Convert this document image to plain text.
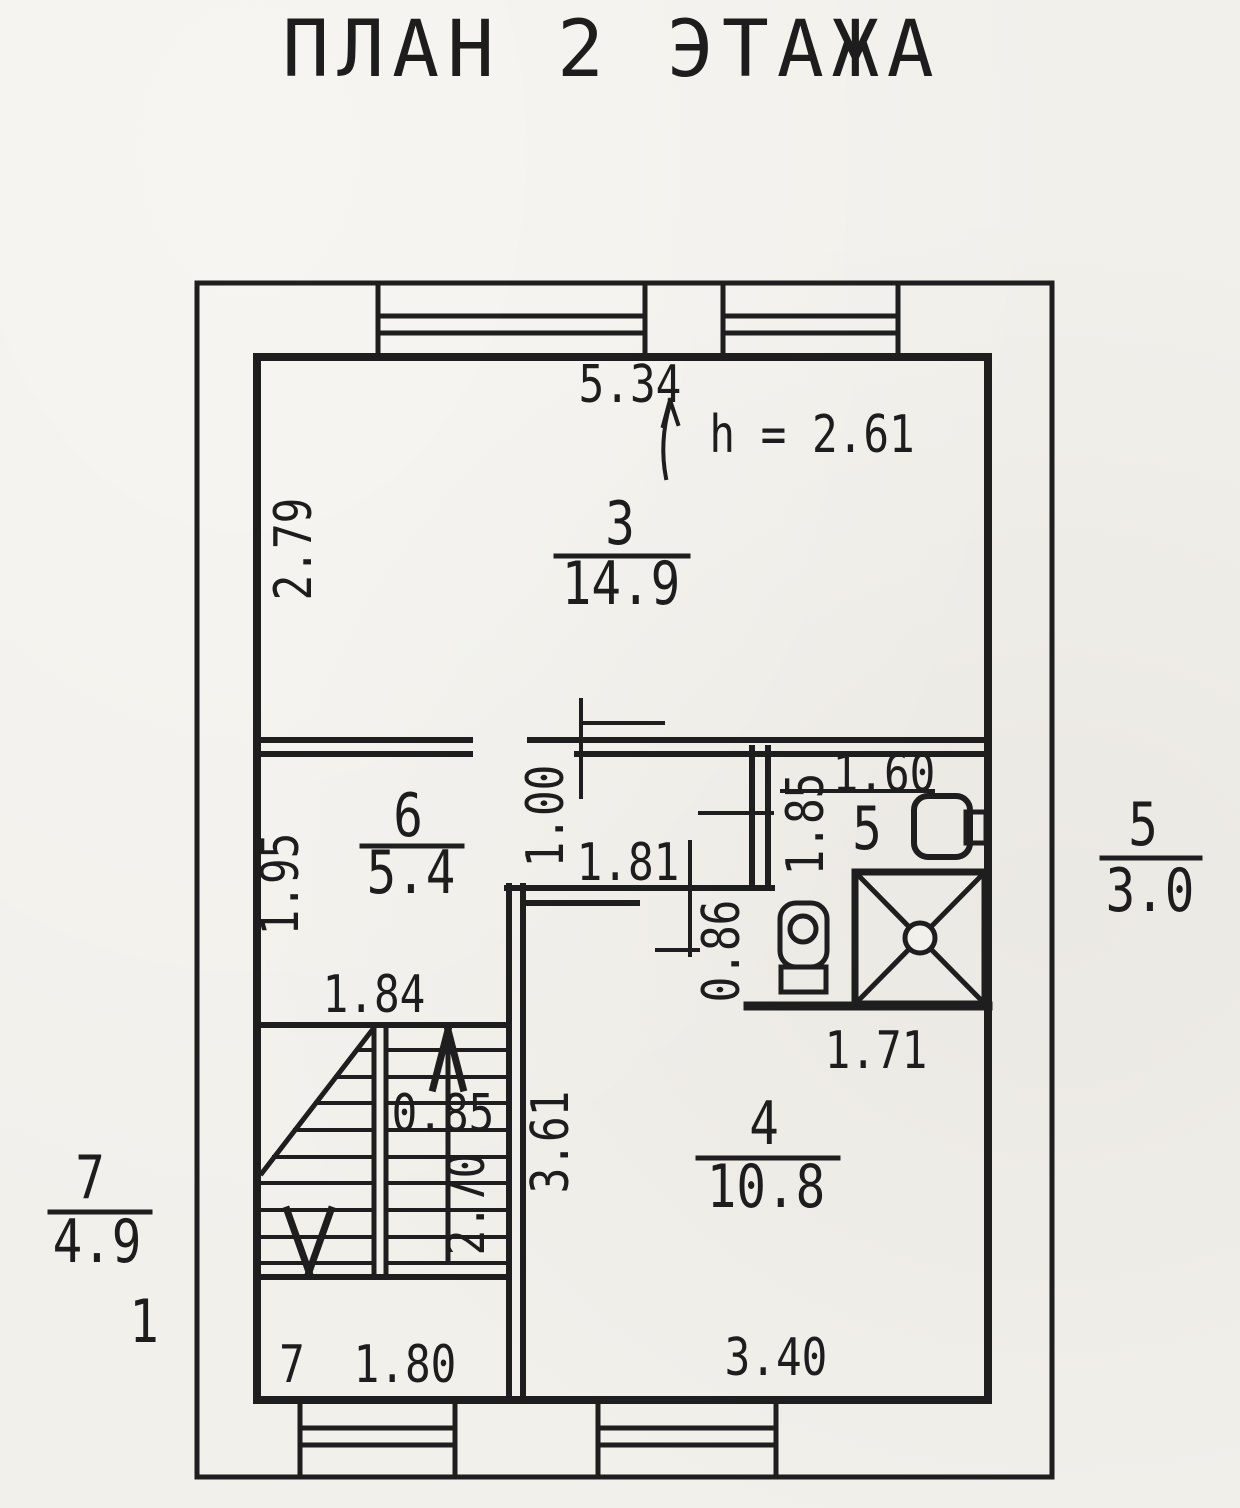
ПЛАН 2 ЭТАЖА
5.34
h = 2.61
2.79
1.95
1.00 1.81
1.60
1.85
0.86
1.84
0.85
2.70
3.61
1.71
7 1.80	3.40
3
14.9
6
5.4
5
4
10.8
5
3.0
7
4.9
1
